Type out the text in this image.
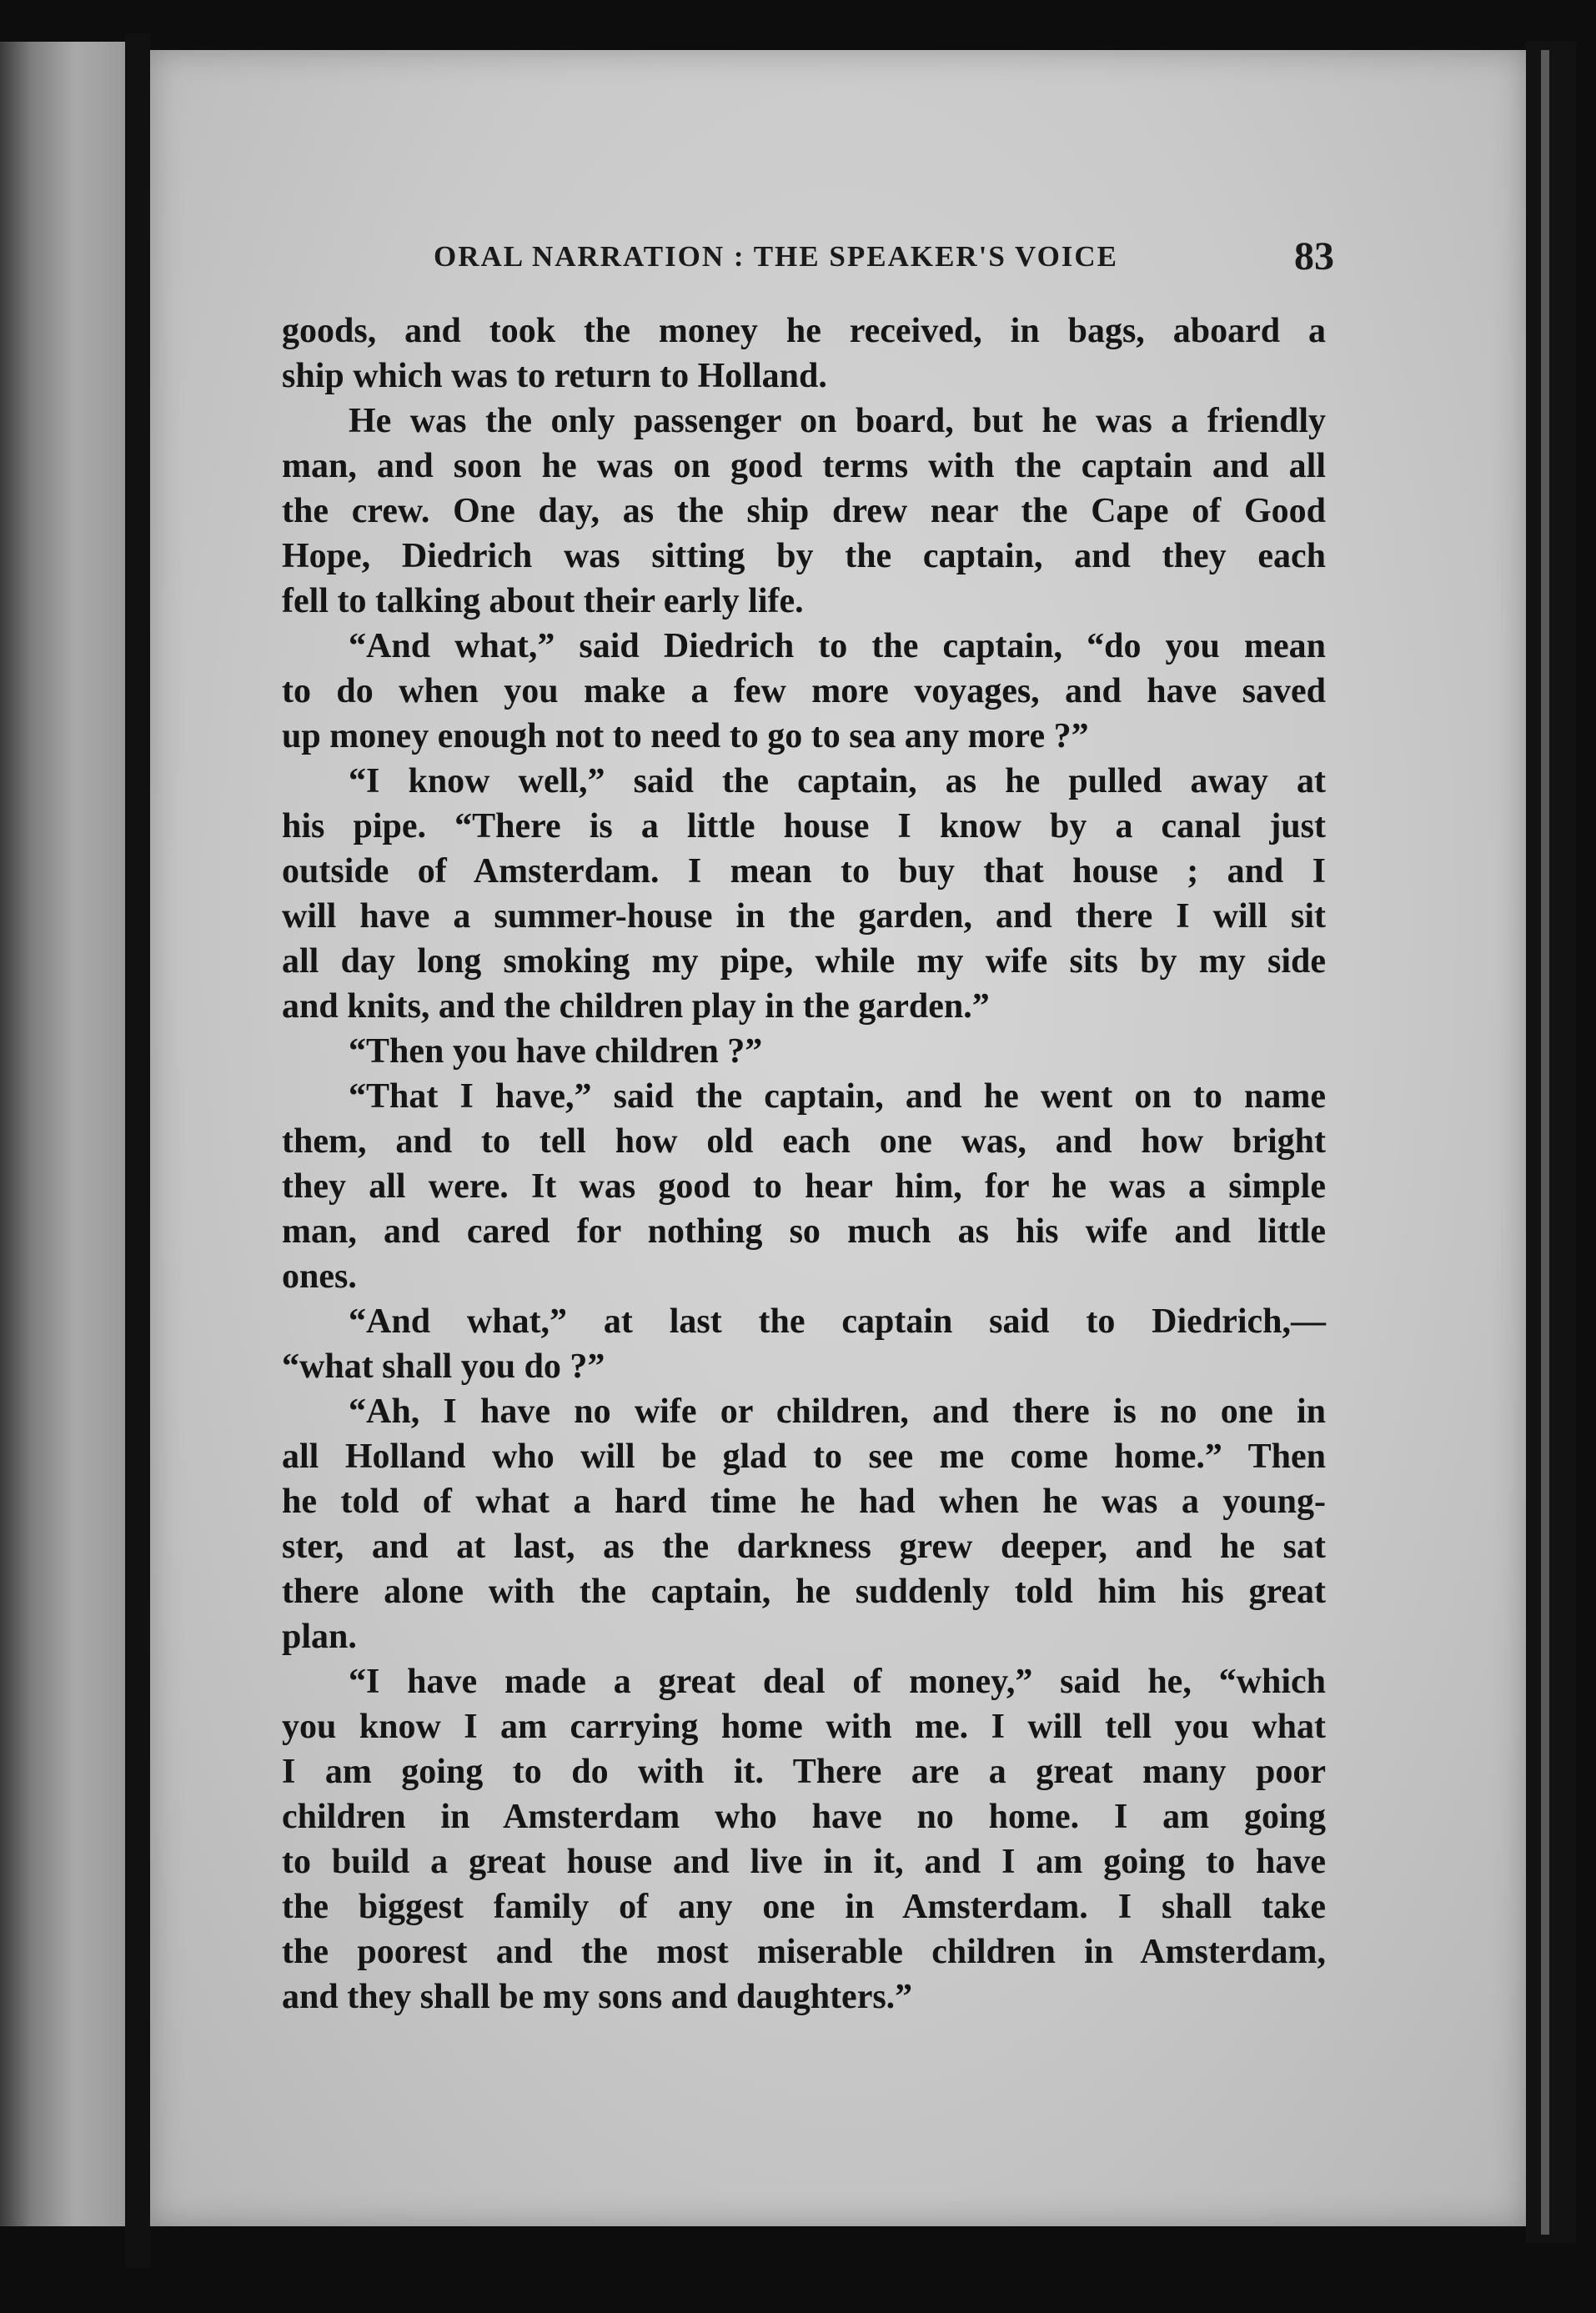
ORAL NARRATION : THE SPEAKER'S VOICE	83
goods, and took the money he received, in bags, aboard a
ship which was to return to Holland.
He was the only passenger on board, but he was a friendly
man, and soon he was on good terms with the captain and all
the crew. One day, as the ship drew near the Cape of Good
Hope, Diedrich was sitting by the captain, and they each
fell to talking about their early life.
“And what,” said Diedrich to the captain, “do you mean
to do when you make a few more voyages, and have saved
up money enough not to need to go to sea any more ?”
“I know well,” said the captain, as he pulled away at
his pipe. “There is a little house I know by a canal just
outside of Amsterdam. I mean to buy that house ; and I
will have a summer-house in the garden, and there I will sit
all day long smoking my pipe, while my wife sits by my side
and knits, and the children play in the garden.”
“Then you have children ?”
“That I have,” said the captain, and he went on to name
them, and to tell how old each one was, and how bright
they all were. It was good to hear him, for he was a simple
man, and cared for nothing so much as his wife and little
ones.
“And what,” at last the captain said to Diedrich,—
“what shall you do ?”
“Ah, I have no wife or children, and there is no one in
all Holland who will be glad to see me come home.” Then
he told of what a hard time he had when he was a young-
ster, and at last, as the darkness grew deeper, and he sat
there alone with the captain, he suddenly told him his great
plan.
“I have made a great deal of money,” said he, “which
you know I am carrying home with me. I will tell you what
I am going to do with it. There are a great many poor
children in Amsterdam who have no home. I am going
to build a great house and live in it, and I am going to have
the biggest family of any one in Amsterdam. I shall take
the poorest and the most miserable children in Amsterdam,
and they shall be my sons and daughters.”
